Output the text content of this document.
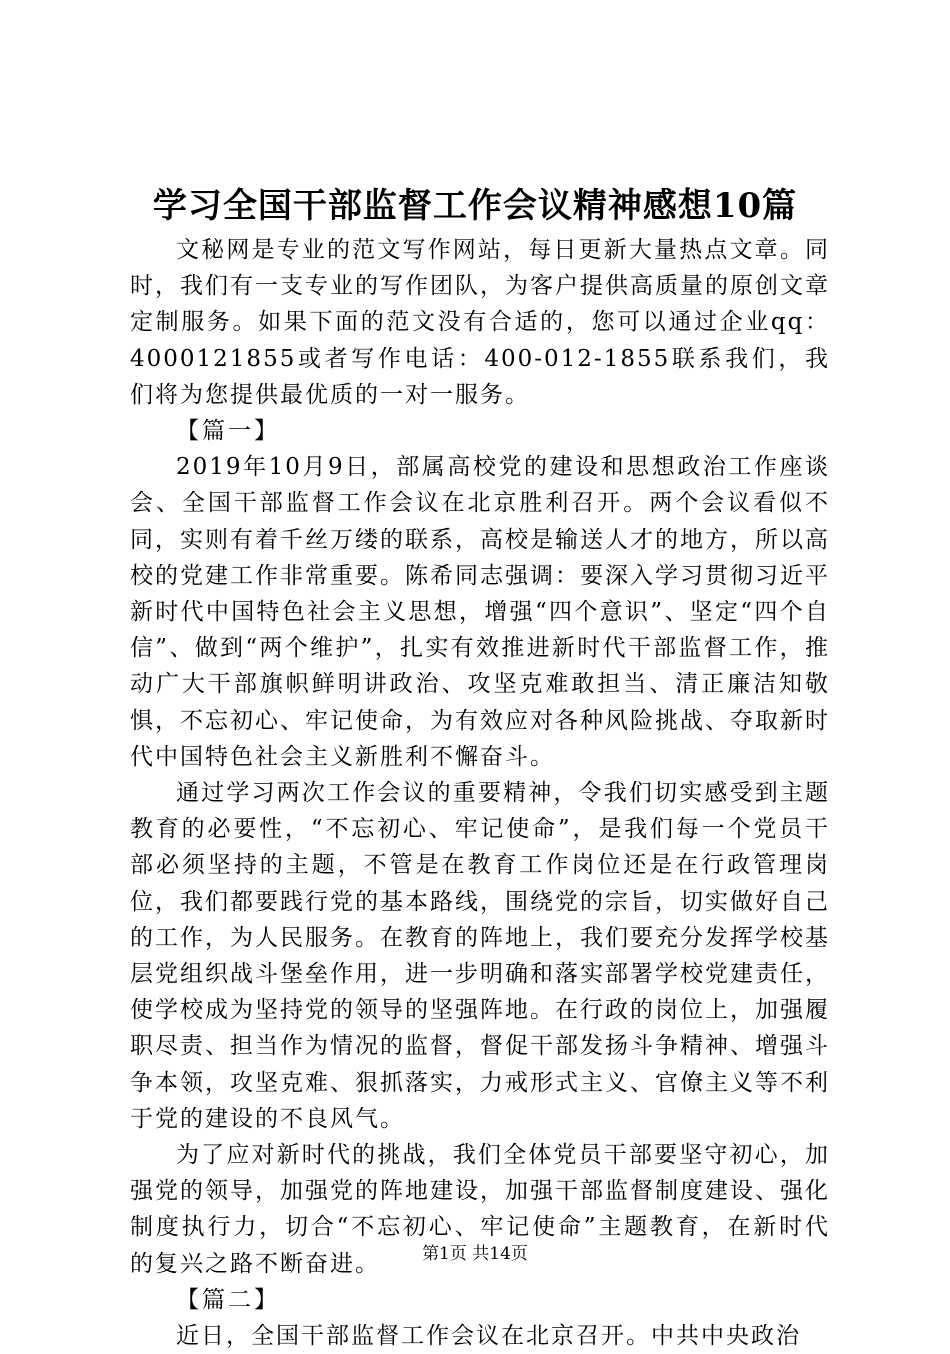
学习全国干部监督工作会议精神感想10篇

文秘网是专业的范文写作网站，每日更新大量热点文章。同时，我们有一支专业的写作团队，为客户提供高质量的原创文章定制服务。如果下面的范文没有合适的，您可以通过企业qq：4000121855或者写作电话：400-012-1855联系我们，我们将为您提供最优质的一对一服务。

【篇一】

2019年10月9日，部属高校党的建设和思想政治工作座谈会、全国干部监督工作会议在北京胜利召开。两个会议看似不同，实则有着千丝万缕的联系，高校是输送人才的地方，所以高校的党建工作非常重要。陈希同志强调：要深入学习贯彻习近平新时代中国特色社会主义思想，增强“四个意识”、坚定“四个自信”、做到“两个维护”，扎实有效推进新时代干部监督工作，推动广大干部旗帜鲜明讲政治、攻坚克难敢担当、清正廉洁知敬惧，不忘初心、牢记使命，为有效应对各种风险挑战、夺取新时代中国特色社会主义新胜利不懈奋斗。

通过学习两次工作会议的重要精神，令我们切实感受到主题教育的必要性，“不忘初心、牢记使命”，是我们每一个党员干部必须坚持的主题，不管是在教育工作岗位还是在行政管理岗位，我们都要践行党的基本路线，围绕党的宗旨，切实做好自己的工作，为人民服务。在教育的阵地上，我们要充分发挥学校基层党组织战斗堡垒作用，进一步明确和落实部署学校党建责任，使学校成为坚持党的领导的坚强阵地。在行政的岗位上，加强履职尽责、担当作为情况的监督，督促干部发扬斗争精神、增强斗争本领，攻坚克难、狠抓落实，力戒形式主义、官僚主义等不利于党的建设的不良风气。

为了应对新时代的挑战，我们全体党员干部要坚守初心，加强党的领导，加强党的阵地建设，加强干部监督制度建设、强化制度执行力，切合“不忘初心、牢记使命”主题教育，在新时代的复兴之路不断奋进。

【篇二】

近日，全国干部监督工作会议在北京召开。中共中央政治

第1页 共14页
